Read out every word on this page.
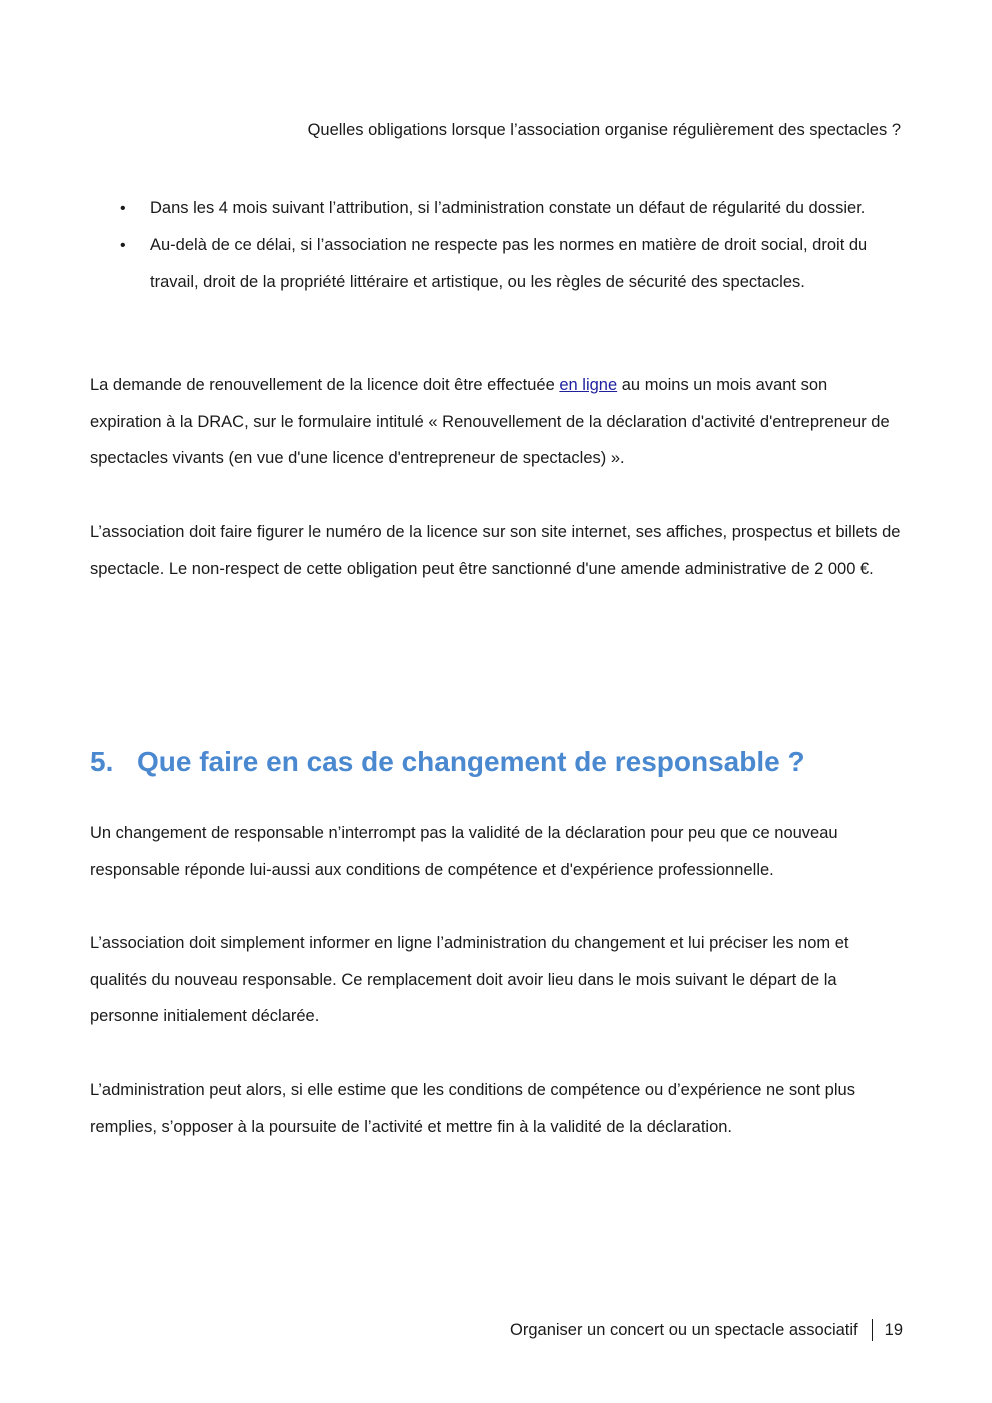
Quelles obligations lorsque l’association organise régulièrement des spectacles ?
• Dans les 4 mois suivant l’attribution, si l’administration constate un défaut de régularité du dossier.
• Au-delà de ce délai, si l’association ne respecte pas les normes en matière de droit social, droit du travail, droit de la propriété littéraire et artistique, ou les règles de sécurité des spectacles.

La demande de renouvellement de la licence doit être effectuée en ligne au moins un mois avant son expiration à la DRAC, sur le formulaire intitulé « Renouvellement de la déclaration d'activité d'entrepreneur de spectacles vivants (en vue d'une licence d'entrepreneur de spectacles) ».

L’association doit faire figurer le numéro de la licence sur son site internet, ses affiches, prospectus et billets de spectacle. Le non-respect de cette obligation peut être sanctionné d'une amende administrative de 2 000 €.

5. Que faire en cas de changement de responsable ?

Un changement de responsable n’interrompt pas la validité de la déclaration pour peu que ce nouveau responsable réponde lui-aussi aux conditions de compétence et d'expérience professionnelle.

L’association doit simplement informer en ligne l’administration du changement et lui préciser les nom et qualités du nouveau responsable. Ce remplacement doit avoir lieu dans le mois suivant le départ de la personne initialement déclarée.

L’administration peut alors, si elle estime que les conditions de compétence ou d’expérience ne sont plus remplies, s’opposer à la poursuite de l’activité et mettre fin à la validité de la déclaration.

Organiser un concert ou un spectacle associatif 19
